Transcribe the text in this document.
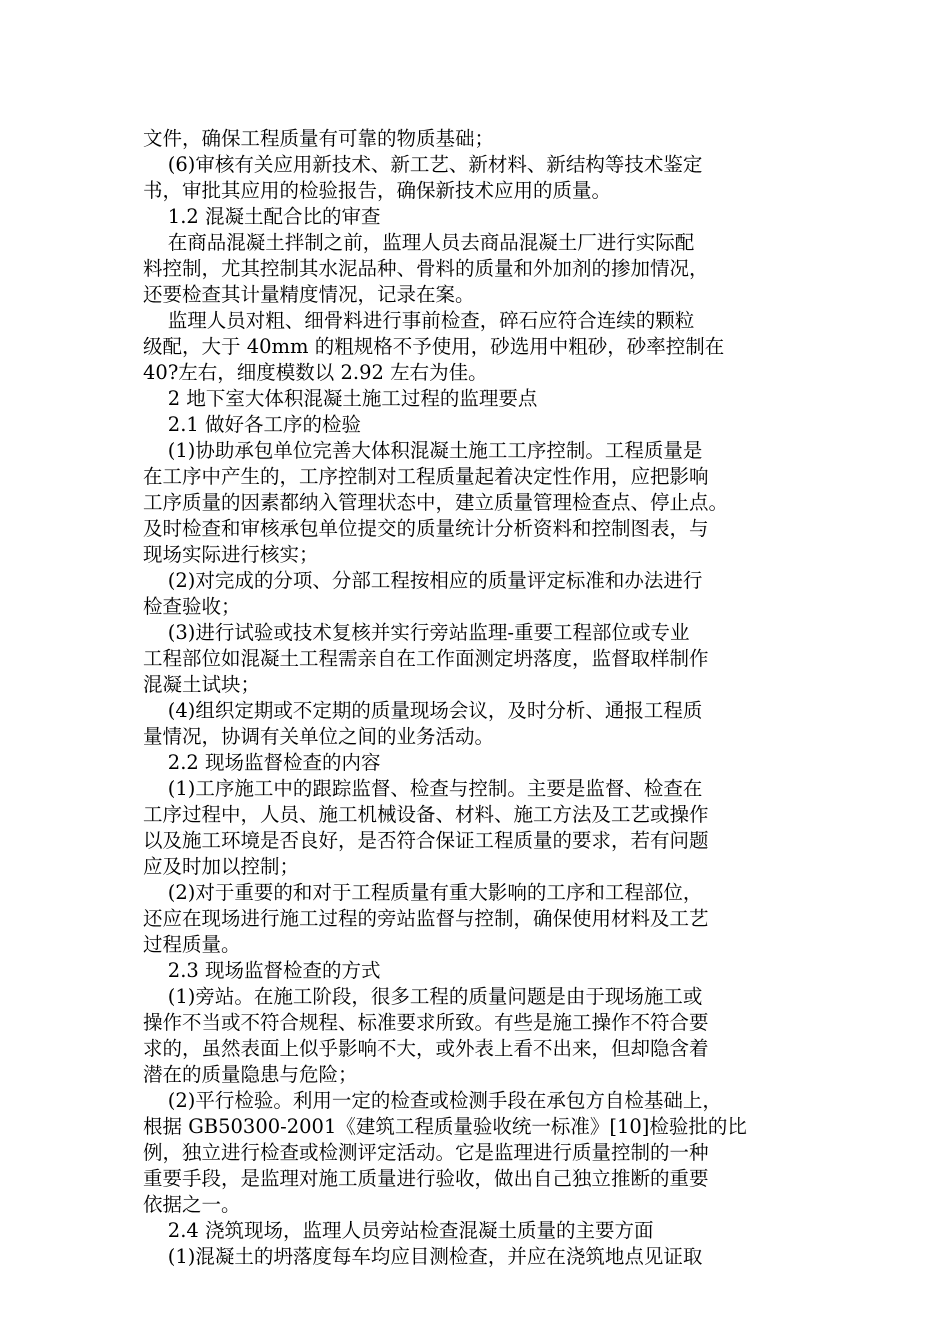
文件，确保工程质量有可靠的物质基础；
(6)审核有关应用新技术、新工艺、新材料、新结构等技术鉴定
书，审批其应用的检验报告，确保新技术应用的质量。
1.2 混凝土配合比的审查
在商品混凝土拌制之前，监理人员去商品混凝土厂进行实际配
料控制，尤其控制其水泥品种、骨料的质量和外加剂的掺加情况，
还要检查其计量精度情况，记录在案。
监理人员对粗、细骨料进行事前检查，碎石应符合连续的颗粒
级配，大于 40mm 的粗规格不予使用，砂选用中粗砂，砂率控制在
40?左右，细度模数以 2.92 左右为佳。
2 地下室大体积混凝土施工过程的监理要点
2.1 做好各工序的检验
(1)协助承包单位完善大体积混凝土施工工序控制。工程质量是
在工序中产生的，工序控制对工程质量起着决定性作用，应把影响
工序质量的因素都纳入管理状态中，建立质量管理检查点、停止点。
及时检查和审核承包单位提交的质量统计分析资料和控制图表，与
现场实际进行核实；
(2)对完成的分项、分部工程按相应的质量评定标准和办法进行
检查验收；
(3)进行试验或技术复核并实行旁站监理-重要工程部位或专业
工程部位如混凝土工程需亲自在工作面测定坍落度，监督取样制作
混凝土试块；
(4)组织定期或不定期的质量现场会议，及时分析、通报工程质
量情况，协调有关单位之间的业务活动。
2.2 现场监督检查的内容
(1)工序施工中的跟踪监督、检查与控制。主要是监督、检查在
工序过程中，人员、施工机械设备、材料、施工方法及工艺或操作
以及施工环境是否良好，是否符合保证工程质量的要求，若有问题
应及时加以控制；
(2)对于重要的和对于工程质量有重大影响的工序和工程部位，
还应在现场进行施工过程的旁站监督与控制，确保使用材料及工艺
过程质量。
2.3 现场监督检查的方式
(1)旁站。在施工阶段，很多工程的质量问题是由于现场施工或
操作不当或不符合规程、标准要求所致。有些是施工操作不符合要
求的，虽然表面上似乎影响不大，或外表上看不出来，但却隐含着
潜在的质量隐患与危险；
(2)平行检验。利用一定的检查或检测手段在承包方自检基础上，
根据 GB50300-2001《建筑工程质量验收统一标准》[10]检验批的比
例，独立进行检查或检测评定活动。它是监理进行质量控制的一种
重要手段，是监理对施工质量进行验收，做出自己独立推断的重要
依据之一。
2.4 浇筑现场，监理人员旁站检查混凝土质量的主要方面
(1)混凝土的坍落度每车均应目测检查，并应在浇筑地点见证取
